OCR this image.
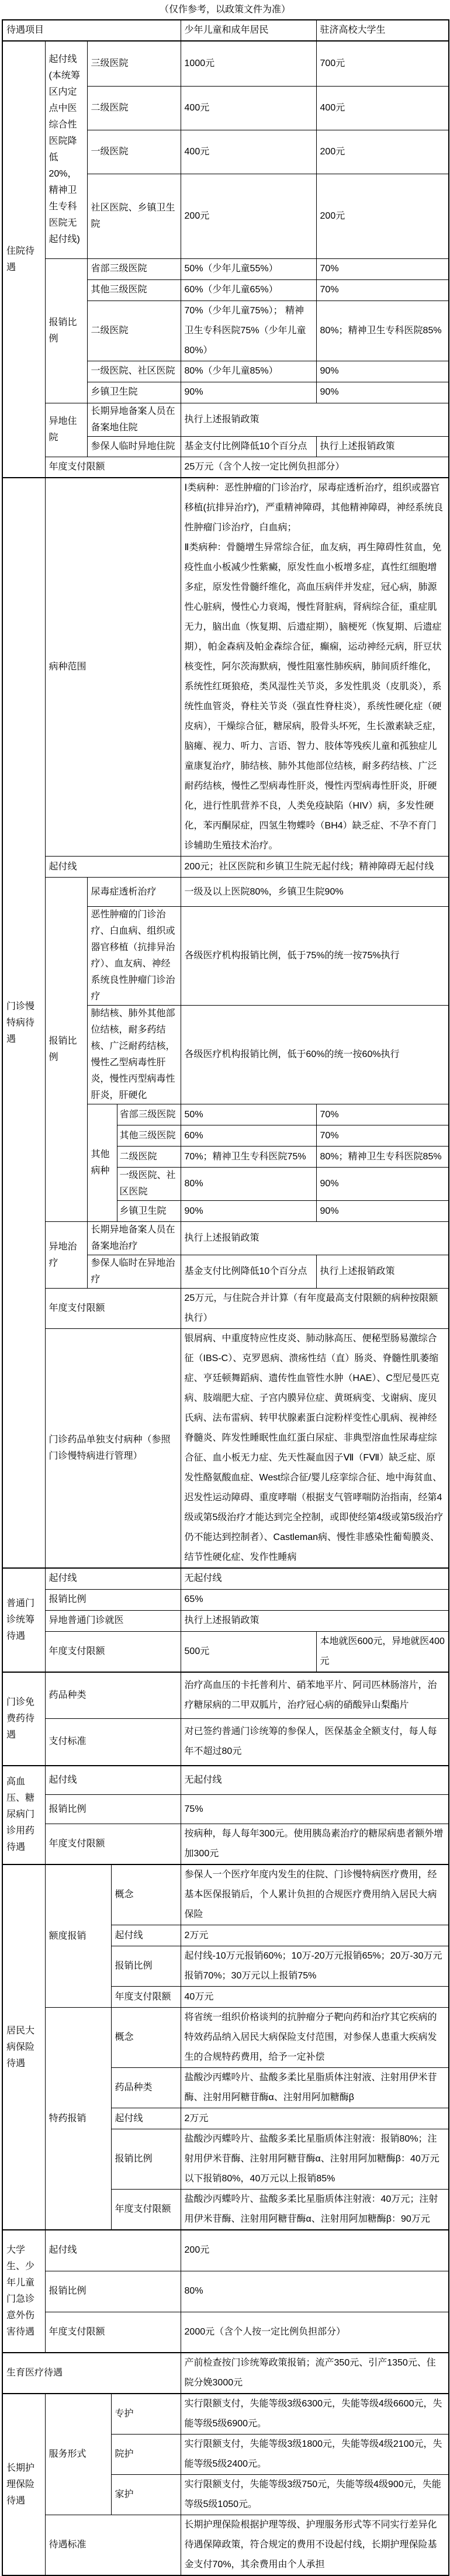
（仅作参考，以政策文件为准）
待遇项目					少年儿童和成年居民	驻济高校大学生
住院待遇	起付线(本统筹区内定点中医综合性医院降低20%，精神卫生专科医院无起付线)	三级医院			1000元	700元
		二级医院			400元	400元
		一级医院			400元	200元
		社区医院、乡镇卫生院			200元	200元
	报销比例	省部三级医院			50%（少年儿童55%）	70%
		其他三级医院			60%（少年儿童65%）	70%
		二级医院			70%（少年儿童75%）； 精神卫生专科医院75%（少年儿童80%）	80%；精神卫生专科医院85%
		一级医院、社区医院			80%（少年儿童85%）	90%
		乡镇卫生院			90%	90%
	异地住院	长期异地备案人员在备案地住院			执行上述报销政策	
		参保人临时异地住院			基金支付比例降低10个百分点	执行上述报销政策
	年度支付限额				25万元（含个人按一定比例负担部分）	
门诊慢特病待遇	病种范围				Ⅰ类病种：恶性肿瘤的门诊治疗，尿毒症透析治疗，组织或器官移植(抗排异治疗)，严重精神障碍，其他精神障碍，神经系统良性肿瘤门诊治疗，白血病；
Ⅱ类病种：骨髓增生异常综合征，血友病，再生障碍性贫血，免疫性血小板减少性紫癜，原发性血小板增多症，真性红细胞增多症，原发性骨髓纤维化，高血压病伴并发症，冠心病，肺源性心脏病，慢性心力衰竭，慢性肾脏病，肾病综合征，重症肌无力，脑出血（恢复期、后遗症期），脑梗死（恢复期、后遗症期），帕金森病及帕金森综合征，癫痫，运动神经元病，肝豆状核变性，阿尔茨海默病，慢性阻塞性肺疾病，肺间质纤维化，系统性红斑狼疮，类风湿性关节炎，多发性肌炎（皮肌炎），系统性血管炎，脊柱关节炎（强直性脊柱炎），系统性硬化症（硬皮病），干燥综合征，糖尿病，股骨头坏死，生长激素缺乏症，脑瘫、视力、听力、言语、智力、肢体等残疾儿童和孤独症儿童康复治疗，肺结核、肺外其他部位结核，耐多药结核、广泛耐药结核，慢性乙型病毒性肝炎，慢性丙型病毒性肝炎，肝硬化，进行性肌营养不良，人类免疫缺陷（HIV）病，多发性硬化，苯丙酮尿症，四氢生物蝶呤（BH4）缺乏症、不孕不育门诊辅助生殖技术治疗。	

	起付线				200元；社区医院和乡镇卫生院无起付线；精神障碍无起付线	
	报销比例	尿毒症透析治疗			一级及以上医院80%，乡镇卫生院90%	
		恶性肿瘤的门诊治疗、白血病、组织或器官移植（抗排异治疗）、血友病、神经系统良性肿瘤门诊治疗			各级医疗机构报销比例，低于75%的统一按75%执行	
		肺结核、肺外其他部位结核，耐多药结核、广泛耐药结核，慢性乙型病毒性肝炎，慢性丙型病毒性肝炎，肝硬化			各级医疗机构报销比例，低于60%的统一按60%执行	
		其他病种		省部三级医院	50%	70%
				其他三级医院	60%	70%
				二级医院	70%；精神卫生专科医院75%	80%；精神卫生专科医院85%
				一级医院、社区医院	80%	90%
				乡镇卫生院	90%	90%
	异地治疗	长期异地备案人员在备案地治疗			执行上述报销政策	
		参保人临时在异地治疗			基金支付比例降低10个百分点	执行上述报销政策
	年度支付限额				25万元，与住院合并计算（有年度最高支付限额的病种按限额执行）	
	门诊药品单独支付病种（参照门诊慢特病进行管理）				银屑病、中重度特应性皮炎、肺动脉高压、便秘型肠易激综合征（IBS-C）、克罗恩病、溃疡性结（直）肠炎、脊髓性肌萎缩症、亨廷顿舞蹈病、遗传性血管性水肿（HAE）、C型尼曼匹克病、肢端肥大症、子宫内膜异位症、黄斑病变、戈谢病、庞贝氏病、法布雷病、转甲状腺素蛋白淀粉样变性心肌病、视神经脊髓炎、阵发性睡眠性血红蛋白尿症、非典型溶血性尿毒症综合征、血小板无力症、先天性凝血因子Ⅶ（FⅦ）缺乏症、原发性酪氨酸血症、West综合征/婴儿痉挛综合征、地中海贫血、迟发性运动障碍、重度哮喘（根据支气管哮喘防治指南，经第4级或第5级治疗才能达到完全控制，或即使经第4级或第5级治疗仍不能达到控制者）、Castleman病、慢性非感染性葡萄膜炎、结节性硬化症、发作性睡病	
普通门诊统筹待遇	起付线				无起付线	
	报销比例				65%	
	异地普通门诊就医				执行上述报销政策	
	年度支付限额				500元	本地就医600元，异地就医400元
门诊免费药待遇	药品种类				治疗高血压的卡托普利片、硝苯地平片、阿司匹林肠溶片，治疗糖尿病的二甲双胍片，治疗冠心病的硝酸异山梨酯片	
	支付标准				对已签约普通门诊统筹的参保人，医保基金全额支付，每人每年不超过80元	
高血压、糖尿病门诊用药待遇	起付线				无起付线	
	报销比例				75%	
	年度支付限额				按病种，每人每年300元。使用胰岛素治疗的糖尿病患者额外增加300元	
居民大病保险待遇	额度报销		概念		参保人一个医疗年度内发生的住院、门诊慢特病医疗费用，经基本医保报销后，个人累计负担的合规医疗费用纳入居民大病保险	
			起付线		2万元	
			报销比例		起付线-10万元报销60%；10万-20万元报销65%；20万-30万元报销70%；30万元以上报销75%	
			年度支付限额		40万元	
	特药报销		概念		将省统一组织价格谈判的抗肿瘤分子靶向药和治疗其它疾病的特效药品纳入居民大病保险支付范围，对参保人患重大疾病发生的合规特药费用，给予一定补偿	
			药品种类		盐酸沙丙蝶呤片、盐酸多柔比星脂质体注射液、注射用伊米苷酶、注射用阿糖苷酶α、注射用阿加糖酶β	
			起付线		2万元	
			报销比例		盐酸沙丙蝶呤片、盐酸多柔比星脂质体注射液：报销80%；注射用伊米苷酶、注射用阿糖苷酶α、注射用阿加糖酶β：40万元以下报销80%，40万元以上报销85%	
			年度支付限额		盐酸沙丙蝶呤片、盐酸多柔比星脂质体注射液：40万元；注射用伊米苷酶、注射用阿糖苷酶α、注射用阿加糖酶β：90万元	
大学生、少年儿童门急诊意外伤害待遇	起付线				200元	
	报销比例				80%	
	年度支付限额				2000元（含个人按一定比例负担部分）	
生育医疗待遇					产前检查按门诊统筹政策报销；流产350元、引产1350元、住院分娩3000元	
长期护理保险待遇	服务形式		专护		实行限额支付，失能等级3级6300元，失能等级4级6600元，失能等级5级6900元。	
			院护		实行限额支付，失能等级3级1800元，失能等级4级2100元，失能等级5级2400元。	
			家护		实行限额支付，失能等级3级750元，失能等级4级900元，失能等级5级1050元。	
	待遇标准				长期护理保险根据护理等级、护理服务形式等不同实行差异化待遇保障政策，符合规定的费用不设起付线，长期护理保险基金支付70%，其余费用由个人承担	
